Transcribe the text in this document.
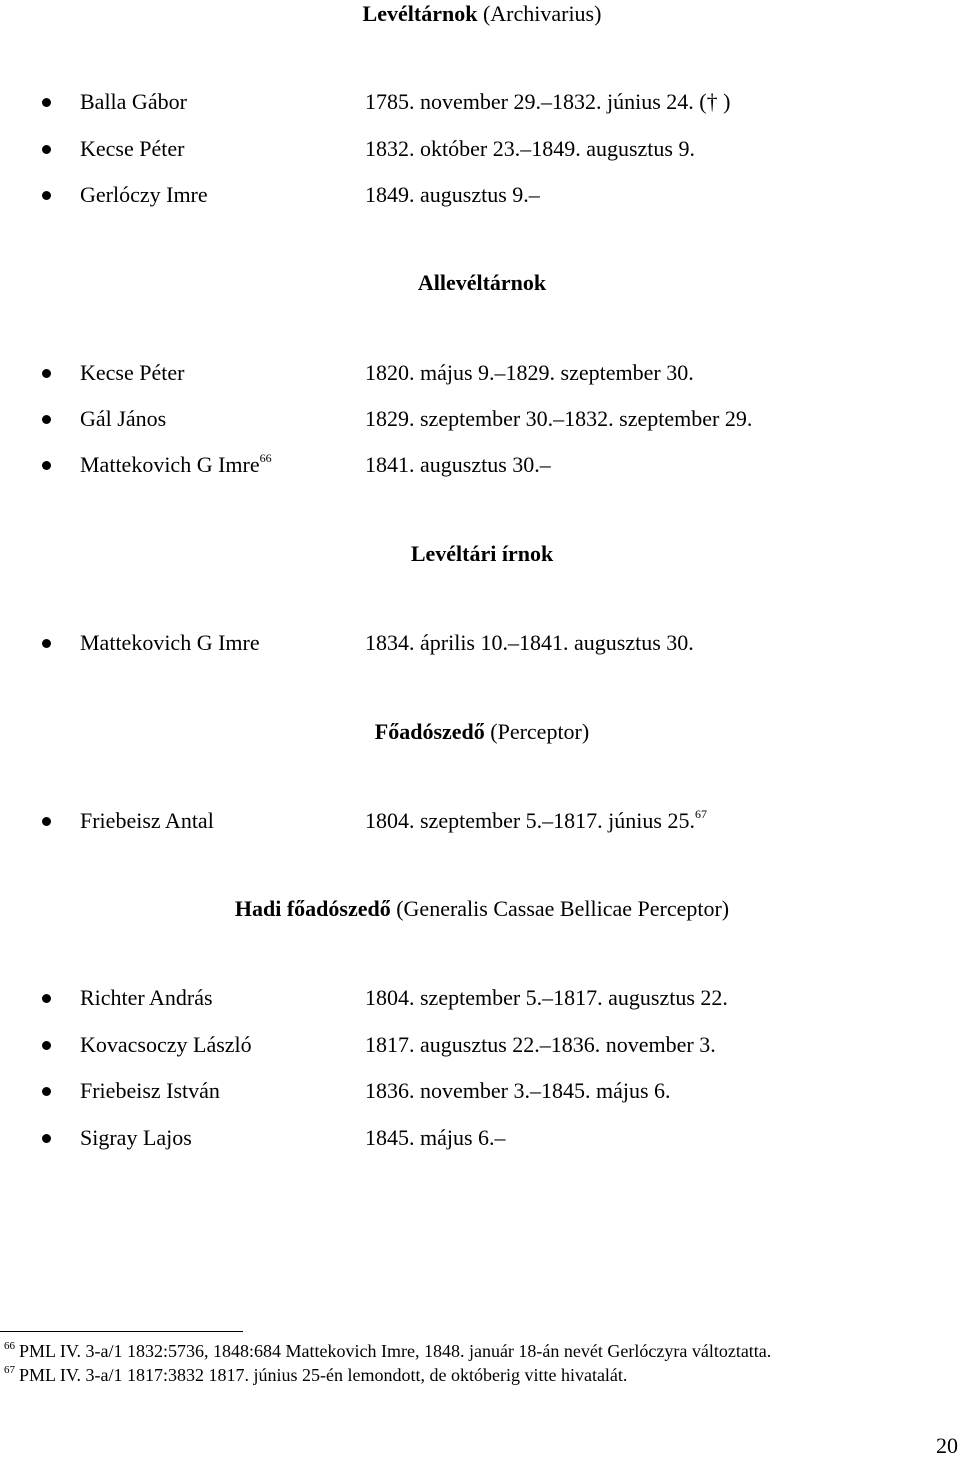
Levéltárnok (Archivarius)
Balla Gábor	1785. november 29.–1832. június 24. († )
Kecse Péter	1832. október 23.–1849. augusztus 9.
Gerlóczy Imre	1849. augusztus 9.–
Allevéltárnok
Kecse Péter	1820. május 9.–1829. szeptember 30.
Gál János	1829. szeptember 30.–1832. szeptember 29.
Mattekovich G Imre$^{66}$	1841. augusztus 30.–
Levéltári írnok
Mattekovich G Imre	1834. április 10.–1841. augusztus 30.
Főadószedő (Perceptor)
Friebeisz Antal	1804. szeptember 5.–1817. június 25.67
Hadi főadószedő (Generalis Cassae Bellicae Perceptor)
Richter András	1804. szeptember 5.–1817. augusztus 22.
Kovacsoczy László	1817. augusztus 22.–1836. november 3.
Friebeisz István	1836. november 3.–1845. május 6.
Sigray Lajos	1845. május 6.–
$^{66}$ PML IV. 3-a/1 1832:5736, 1848:684 Mattekovich Imre, 1848. január 18-án nevét Gerlóczyra változtatta.
$^{67}$ PML IV. 3-a/1 1817:3832 1817. június 25-én lemondott, de októberig vitte hivatalát.
20
